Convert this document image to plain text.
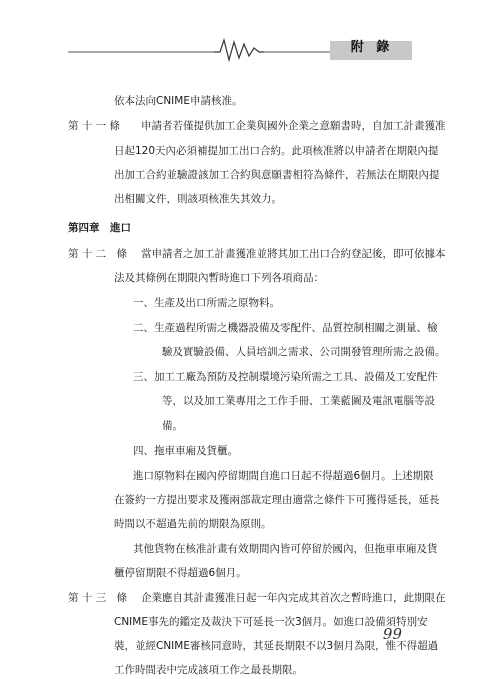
附 錄
依本法向CNIME申請核准。
第 十 一 條 申請者若僅提供加工企業與國外企業之意願書時，自加工計畫獲准
日起120天內必須補提加工出口合約。此項核准將以申請者在期限內提
出加工合約並驗證該加工合約與意願書相符為條件，若無法在期限內提
出相關文件，則該項核准失其效力。
第四章　進口
第 十 二　條 當申請者之加工計畫獲准並將其加工出口合約登記後，即可依據本
法及其條例在期限內暫時進口下列各項商品：
一、生產及出口所需之原物料。
二、生產過程所需之機器設備及零配件、品質控制相關之測量、檢
驗及實驗設備、人員培訓之需求、公司開發管理所需之設備。
三、加工工廠為預防及控制環境污染所需之工具、設備及工安配件
等，以及加工業專用之工作手冊、工業藍圖及電訊電腦等設
備。
四、拖車車廂及貨櫃。
進口原物料在國內停留期間自進口日起不得超過6個月。上述期限
在簽約一方提出要求及獲兩部裁定理由適當之條件下可獲得延長，延長
時間以不超過先前的期限為原則。
其他貨物在核准計畫有效期間內皆可停留於國內，但拖車車廂及貨
櫃停留期限不得超過6個月。
第 十 三　條 企業應自其計畫獲准日起一年內完成其首次之暫時進口，此期限在
CNIME事先的鑑定及裁決下可延長一次3個月。如進口設備須特別安
裝，並經CNIME審核同意時，其延長期限不以3個月為限，惟不得超過
工作時間表中完成該項工作之最長期限。
99
